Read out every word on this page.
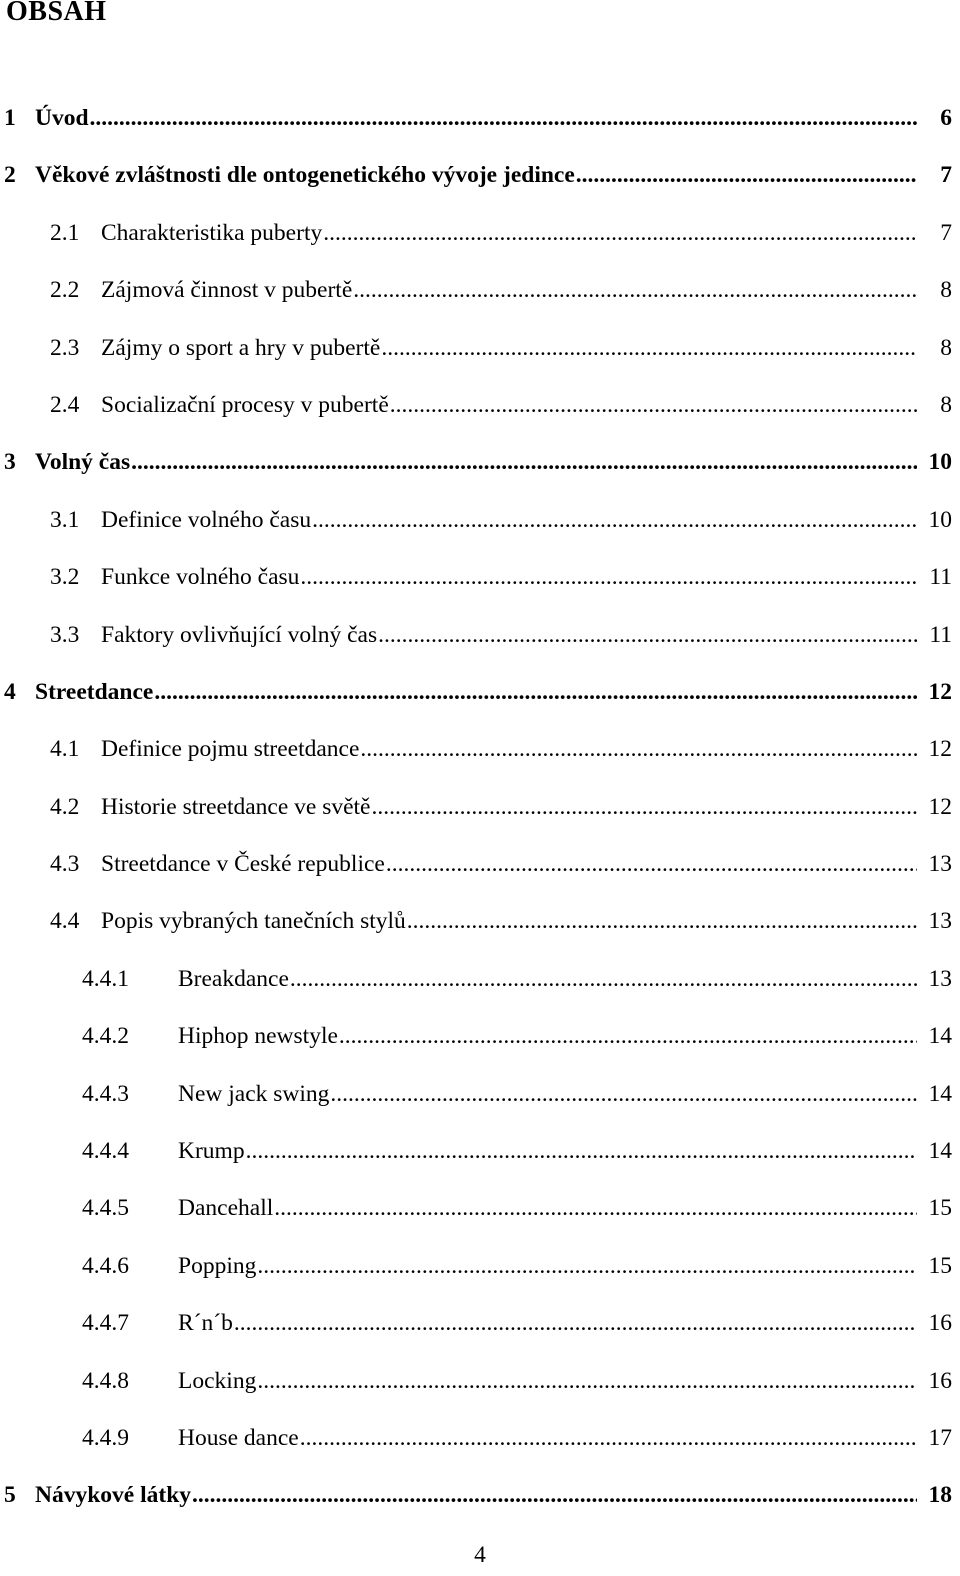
OBSAH
1 Úvod .....	6
2 Věkové zvláštnosti dle ontogenetického vývoje jedince .....	7
2.1 Charakteristika puberty .....	7
2.2 Zájmová činnost v pubertě .....	8
2.3 Zájmy o sport a hry v pubertě .....	8
2.4 Socializační procesy v pubertě .....	8
3 Volný čas .....	10
3.1 Definice volného času .....	10
3.2 Funkce volného času .....	11
3.3 Faktory ovlivňující volný čas .....	11
4 Streetdance .....	12
4.1 Definice pojmu streetdance .....	12
4.2 Historie streetdance ve světě .....	12
4.3 Streetdance v České republice .....	13
4.4 Popis vybraných tanečních stylů .....	13
4.4.1	Breakdance .....	13
4.4.2	Hiphop newstyle .....	14
4.4.3	New jack swing .....	14
4.4.4	Krump .....	14
4.4.5	Dancehall .....	15
4.4.6	Popping .....	15
4.4.7	R´n´b .....	16
4.4.8	Locking .....	16
4.4.9	House dance .....	17
5 Návykové látky .....	18
4
